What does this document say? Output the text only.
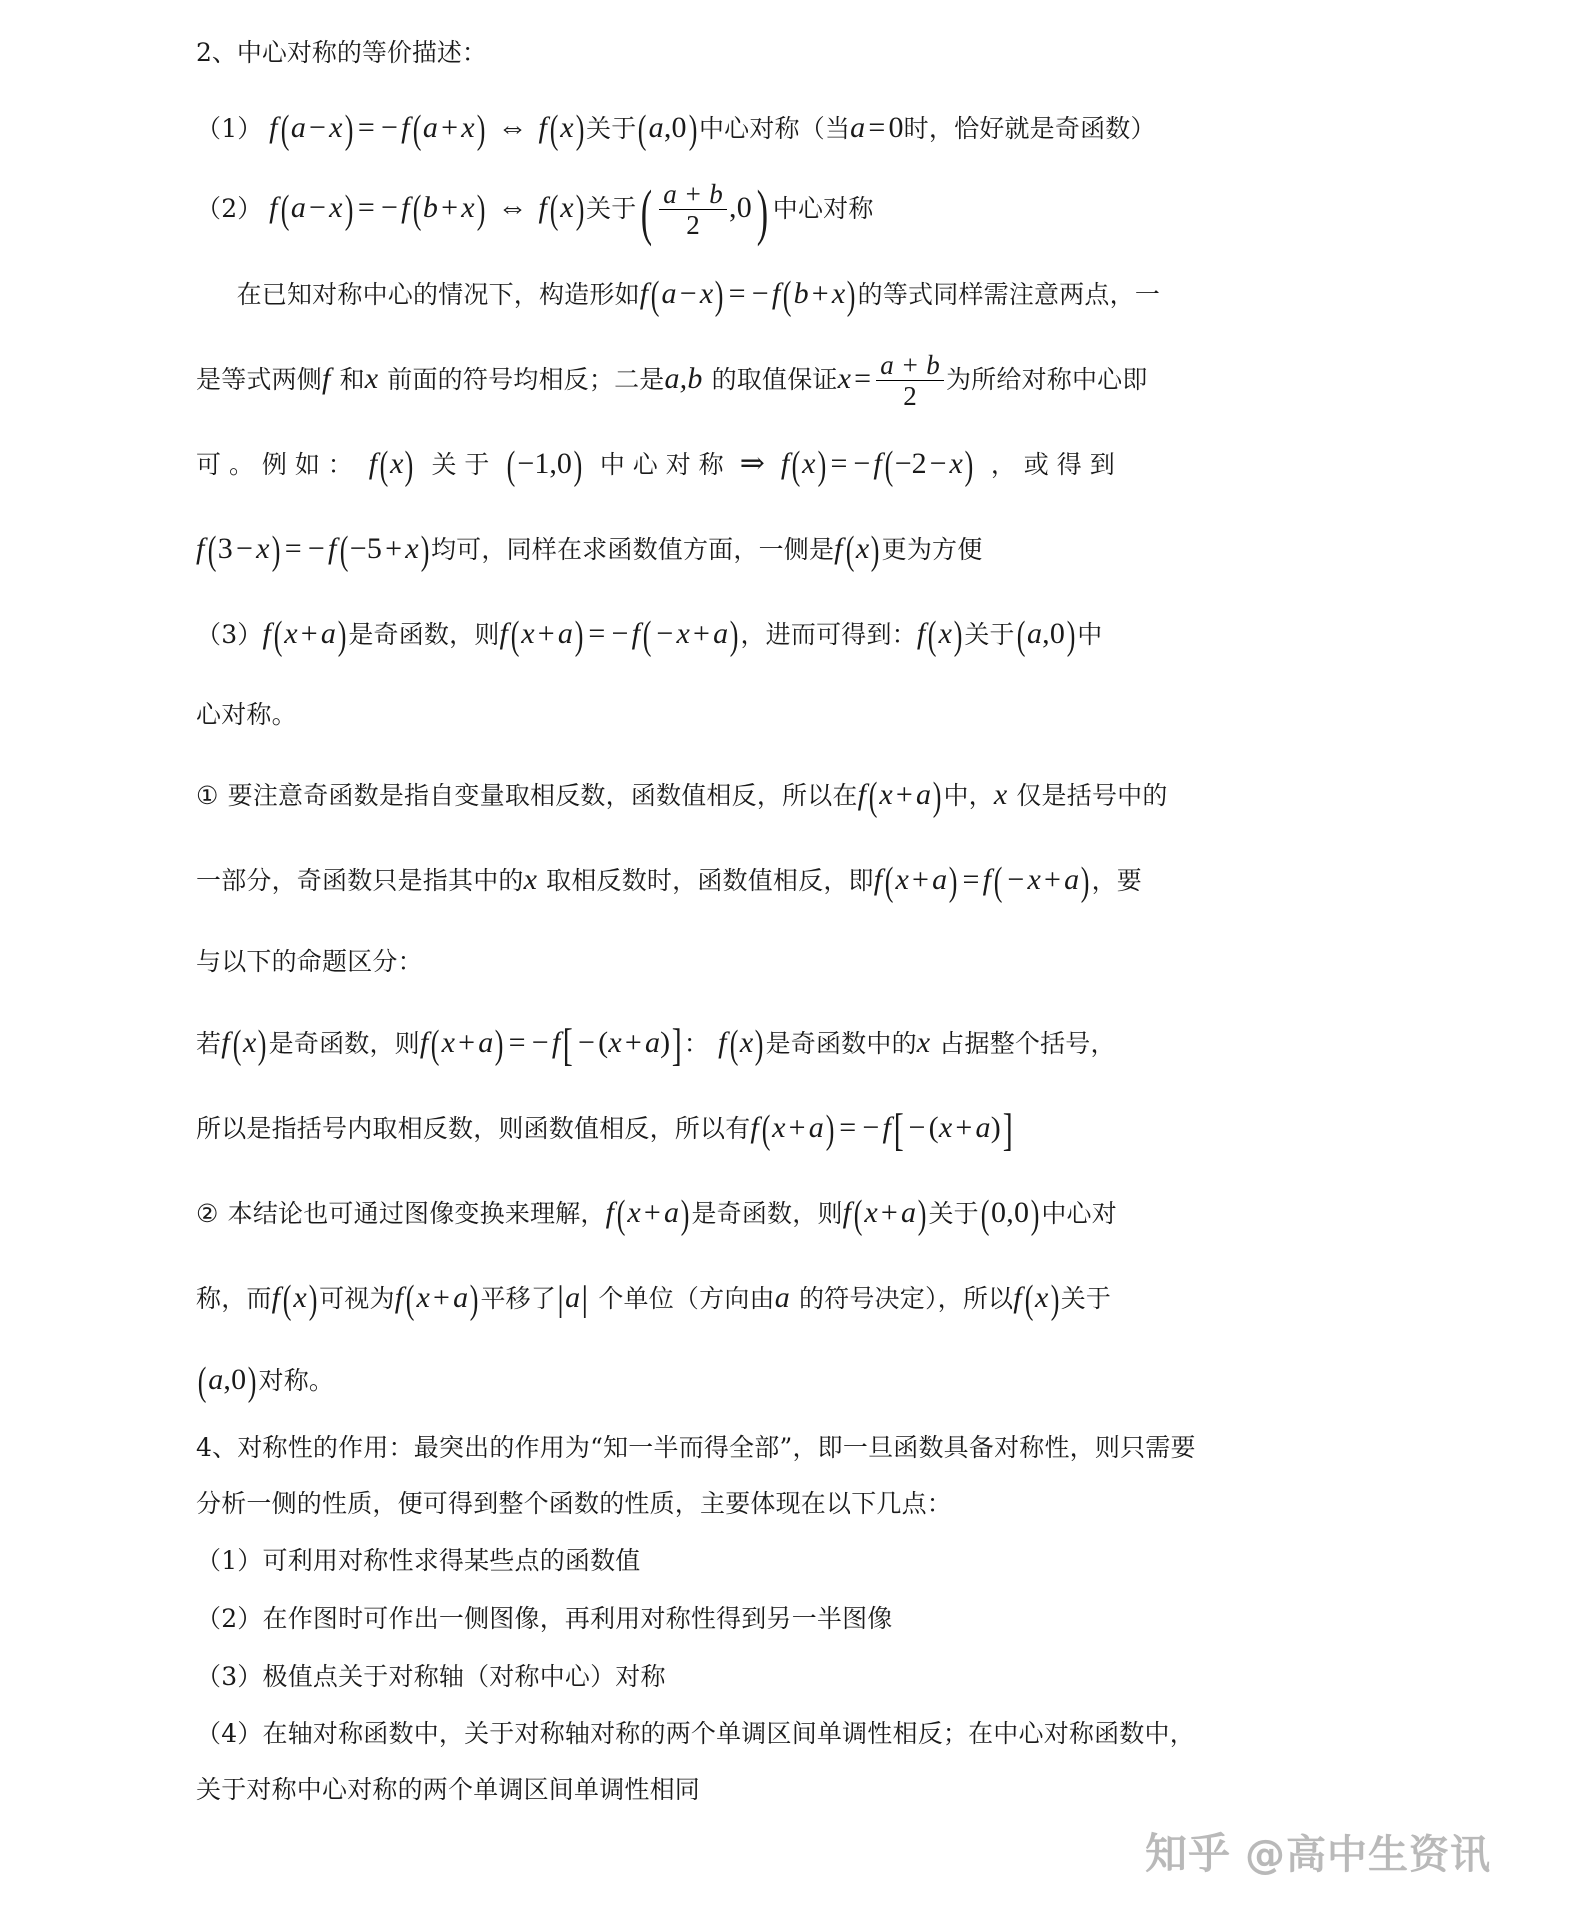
2、中心对称的等价描述：
（1） f(a − x) = − f(a + x) ⇔ f(x)关于(a,0)中心对称（当a = 0时，恰好就是奇函数）
（2） f(a − x) = − f(b + x) ⇔ f(x)关于( $\frac{a + b}{2} ,0$) 中心对称
在已知对称中心的情况下，构造形如f(a − x) = − f(b + x)的等式同样需注意两点，一
是等式两侧f 和x 前面的符号均相反；二是a,b 的取值保证$x = \frac{a + b}{2}$ 为所给对称中心即
可 。 例 如 ： f(x) 关 于 (−1,0) 中 心 对 称 ⇒ f(x) = − f(−2 − x) ， 或 得 到
f(3 − x) = − f(−5 + x)均可，同样在求函数值方面，一侧是f(x)更为方便
（3）f(x + a)是奇函数，则f(x + a) = − f( − x + a)，进而可得到：f(x)关于(a,0)中
心对称。
① 要注意奇函数是指自变量取相反数，函数值相反，所以在f(x + a)中，x 仅是括号中的
一部分，奇函数只是指其中的x 取相反数时，函数值相反，即f(x + a) = f( − x + a)，要
与以下的命题区分：
若f(x)是奇函数，则f(x + a) = − f[ − (x + a)]： f(x)是奇函数中的x 占据整个括号，
所以是指括号内取相反数，则函数值相反，所以有f(x + a) = − f[ − (x + a)]
② 本结论也可通过图像变换来理解，f(x + a)是奇函数，则f(x + a)关于(0,0)中心对
称，而f(x)可视为f(x + a)平移了|a| 个单位（方向由a 的符号决定），所以f(x)关于
(a,0)对称。
4、对称性的作用：最突出的作用为“知一半而得全部”，即一旦函数具备对称性，则只需要
分析一侧的性质，便可得到整个函数的性质，主要体现在以下几点：
（1）可利用对称性求得某些点的函数值
（2）在作图时可作出一侧图像，再利用对称性得到另一半图像
（3）极值点关于对称轴（对称中心）对称
（4）在轴对称函数中，关于对称轴对称的两个单调区间单调性相反；在中心对称函数中，
关于对称中心对称的两个单调区间单调性相同
知乎 @高中生资讯
